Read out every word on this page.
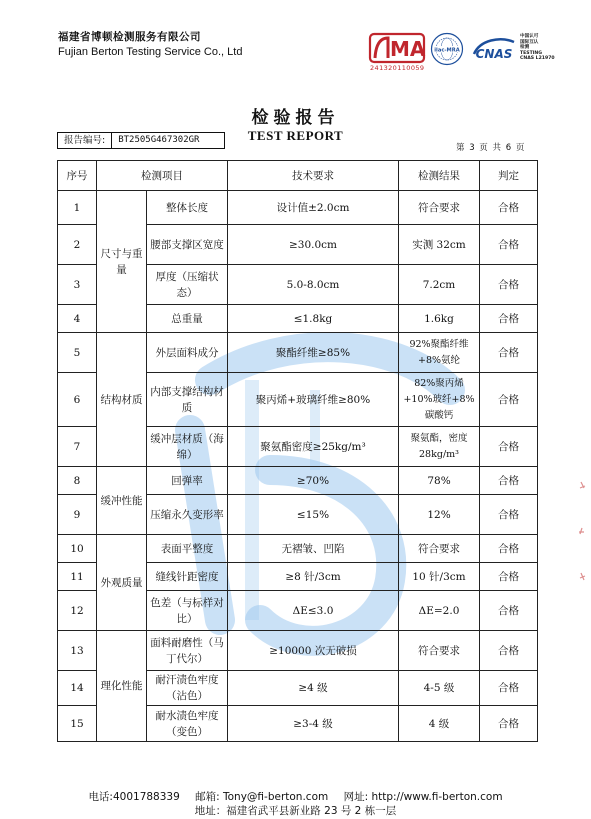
福建省博顿检测服务有限公司
Fujian Berton Testing Service Co., Ltd	MA
241320110059
ilac-MRA CNAS
中国认可
国际互认
检测
TESTING
CNAS L21970
检验报告
TEST REPORT
报告编号:	BT2505G467302GR
第 3 页 共 6 页
序号	检测项目		技术要求	检测结果	判定
1	尺寸与重量	整体长度	设计值±2.0cm	符合要求	合格
2		腰部支撑区宽度	≥30.0cm	实测 32cm	合格
3		厚度（压缩状态）	5.0-8.0cm	7.2cm	合格
4		总重量	≤1.8kg	1.6kg	合格
5	结构材质	外层面料成分	聚酯纤维≥85%	92%聚酯纤维+8%氨纶	合格
6		内部支撑结构材质	聚丙烯+玻璃纤维≥80%	82%聚丙烯+10%玻纤+8%碳酸钙	合格
7		缓冲层材质（海绵）	聚氨酯密度≥25kg/m³	聚氨酯，密度28kg/m³	合格
8	缓冲性能	回弹率	≥70%	78%	合格
9		压缩永久变形率	≤15%	12%	合格
10	外观质量	表面平整度	无褶皱、凹陷	符合要求	合格
11		缝线针距密度	≥8 针/3cm	10 针/3cm	合格
12		色差（与标样对比）	ΔE≤3.0	ΔE=2.0	合格
13	理化性能	面料耐磨性（马丁代尔）	≥10000 次无破损	符合要求	合格
14		耐汗渍色牢度（沾色）	≥4 级	4-5 级	合格
15		耐水渍色牢度（变色）	≥3-4 级	4 级	合格
电话:4001788339 邮箱: Tony@fi-berton.com 网址: http://www.fi-berton.com
地址：福建省武平县新业路 23 号 2 栋一层
